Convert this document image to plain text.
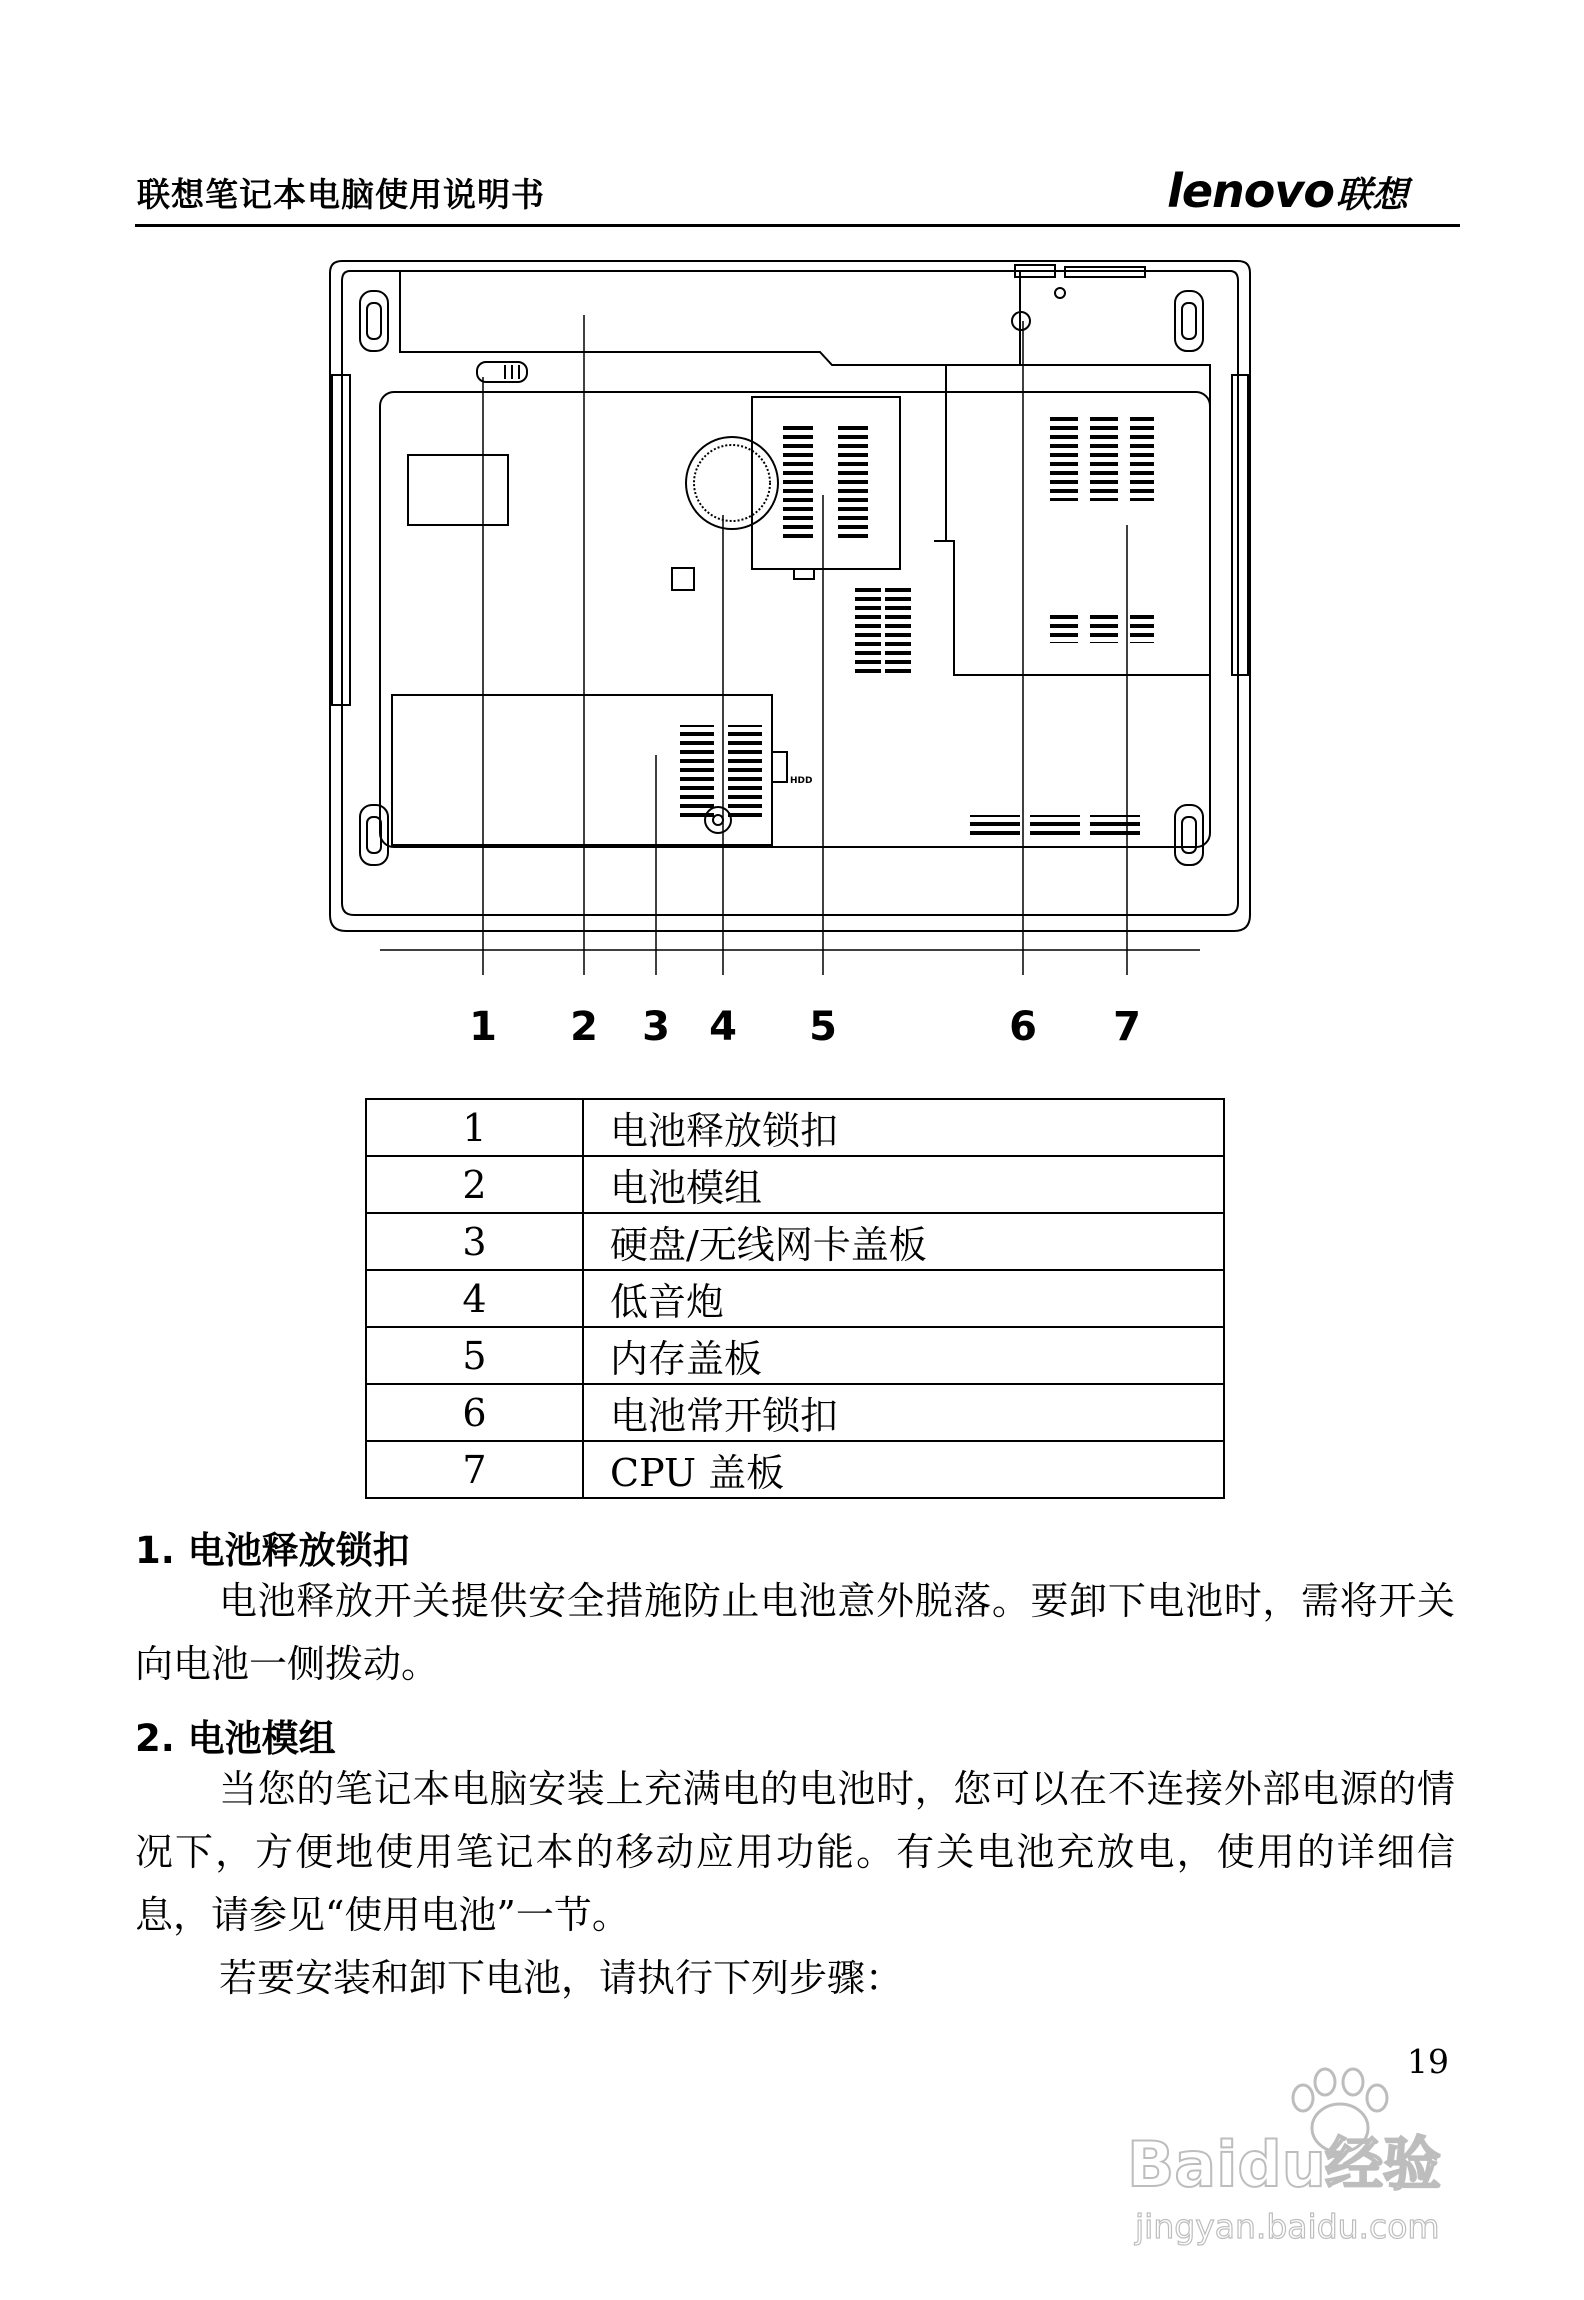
联想笔记本电脑使用说明书	lenovo 联想
HDD
1 2 3 4 5	6 7
1	电池释放锁扣
2	电池模组
3	硬盘/无线网卡盖板
4	低音炮
5	内存盖板
6	电池常开锁扣
7	CPU 盖板
1. 电池释放锁扣

电池释放开关提供安全措施防止电池意外脱落。要卸下电池时，需将开关向电池一侧拨动。

2. 电池模组

当您的笔记本电脑安装上充满电的电池时，您可以在不连接外部电源的情况下，方便地使用笔记本的移动应用功能。有关电池充放电，使用的详细信息，请参见“使用电池”一节。

若要安装和卸下电池，请执行下列步骤：

19
Baidu 经验
jingyan.baidu.com
